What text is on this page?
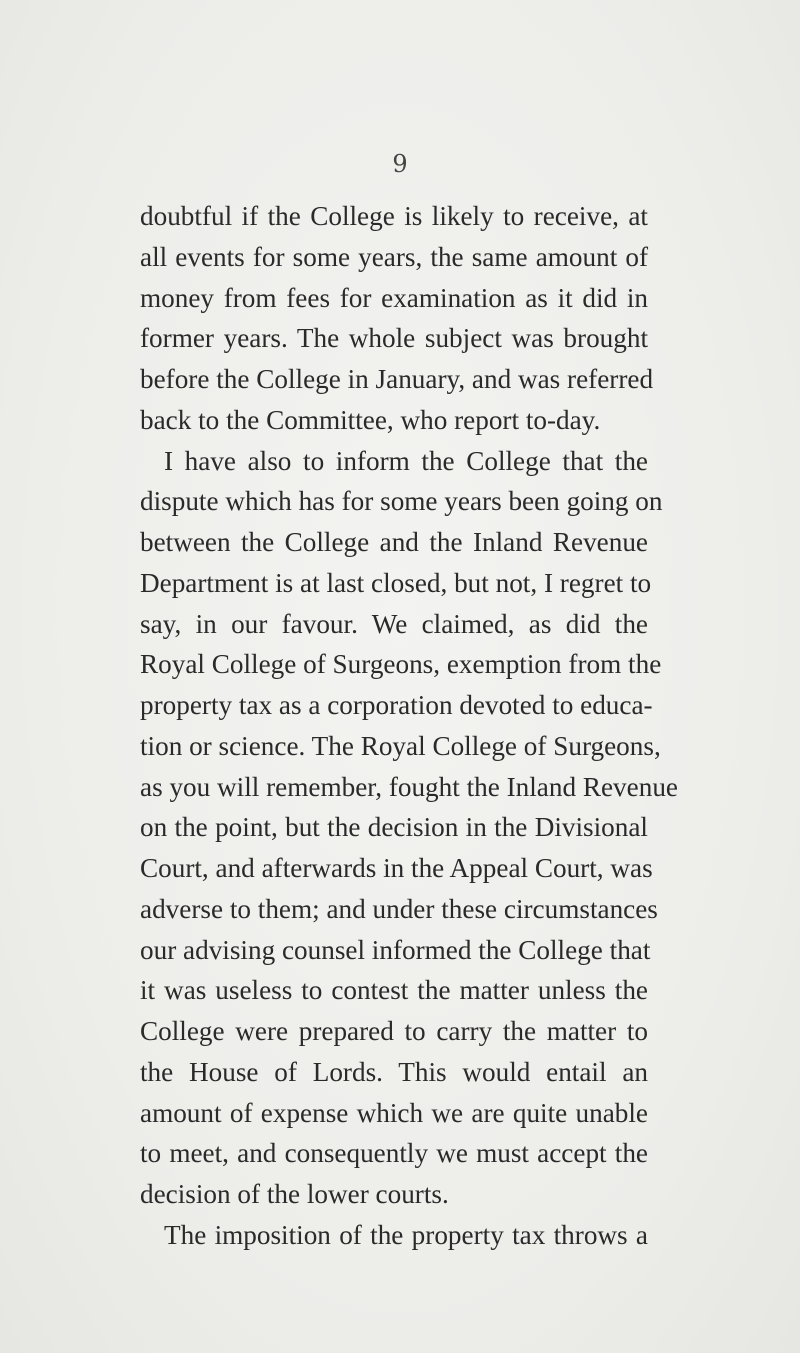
9
doubtful if the College is likely to receive, at
all events for some years, the same amount of
money from fees for examination as it did in
former years. The whole subject was brought
before the College in January, and was referred
back to the Committee, who report to-day.
I have also to inform the College that the
dispute which has for some years been going on
between the College and the Inland Revenue
Department is at last closed, but not, I regret to
say, in our favour. We claimed, as did the
Royal College of Surgeons, exemption from the
property tax as a corporation devoted to educa-
tion or science. The Royal College of Surgeons,
as you will remember, fought the Inland Revenue
on the point, but the decision in the Divisional
Court, and afterwards in the Appeal Court, was
adverse to them; and under these circumstances
our advising counsel informed the College that
it was useless to contest the matter unless the
College were prepared to carry the matter to
the House of Lords. This would entail an
amount of expense which we are quite unable
to meet, and consequently we must accept the
decision of the lower courts.
The imposition of the property tax throws a
